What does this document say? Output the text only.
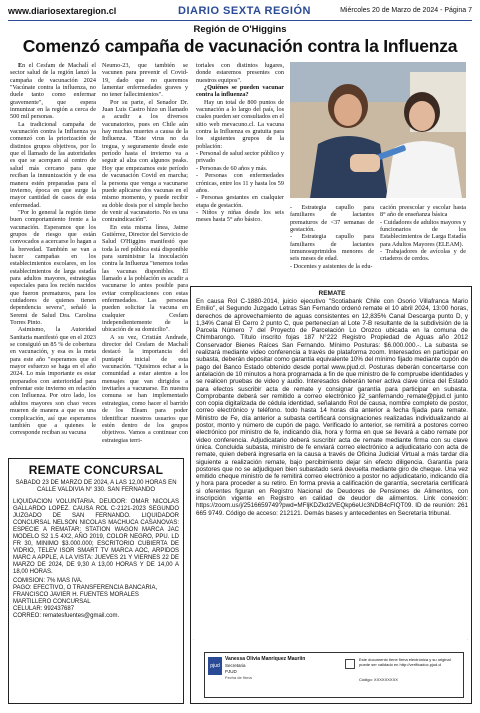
www.diariosextaregion.cl	DIARIO SEXTA REGIÓN	Miércoles 20 de Marzo de 2024 - Página 7
Región de O'Higgins
Comenzó campaña de vacunación contra la Influenza

En el Cesfam de Machalí el sector salud de la región lanzó la campaña de vacunación 2024 "Vacúnate contra la influenza, no duele tanto como enfermar gravemente", que espera inmunizar en la región a cerca de 500 mil personas.

La tradicional campaña de vacunación contra la Influenza ya comenzó con la priorización de distintos grupos objetivos, por lo que el llamado de las autoridades es que se acerquen al centro de salud más cercano para que reciban la inmunización y de esa manera estén preparadas para el invierno, época en que surge la mayor cantidad de casos de esta enfermedad.

"Por lo general la región tiene buen comportamiento frente a la vacunación. Esperamos que los grupos de riesgo que están convocados a acercarse lo hagan a la brevedad. También se van a hacer campañas en los establecimientos escolares, en los establecimientos de larga estadía para adultos mayores, estrategias especiales para los recién nacidos que fueron prematuros, para los cuidadores de quienes tienen dependencia severa", señaló la Seremi de Salud Dra. Carolina Torres Pinto.

Asimismo, la Autoridad Sanitaria manifestó que en el 2023 se consiguió un 85 % de cobertura en vacunación, y esa es la meta para este año "esperamos que el mayor esfuerzo se haga en el año 2024. Lo más importante es estar preparados con anterioridad para enfrentar este invierno en relación con Influenza. Por otro lado, los adultos mayores son chao veces mueren de manera a que es una complicación, así que esperamos también que a quienes le corresponde reciban su vacuna

Neumo-23, que también se vacunen para prevenir el Covid-19, dado que no queremos lamentar enfermedades graves y no tener fallecimientos".

Por su parte, el Senador Dr. Juan Luis Castro hizo un llamado a acudir a los diversos vacunatorios, pues en Chile aún hay muchas muertes a causa de la Influenza. "Este virus no da tregua, y seguramente desde este período hasta el invierno va a seguir al alza con algunos peaks. Hoy que empezamos este período de vacunación Covid en marcha; la persona que venga a vacunarse puede aplicarse dos vacunas en el mismo momento, y puede recibir su doble dosis por el simple hecho de venir al vacunatorio. No es una contraindicación".

En esta misma línea, Jaime Gutiérrez, Director del Servicio de Salud O'Higgins manifestó que toda la red pública está disponible para suministrar la inoculación contra la Influenza "tenemos todas las vacunas disponibles. El llamado a la población es acudir a vacunarse lo antes posible para evitar complicaciones con estas enfermedades. Las personas pueden solicitar la vacuna en cualquier Cesfam independientemente de la ubicación de su domicilio".

A su vez, Cristián Andrade, director del Cesfam de Machalí destacó la importancia del puntapié inicial de esta vacunación. "Quisimos echar a la comunidad a estar atentos a los mensajes que van dirigidos a invitarles a vacunarse. En nuestra comuna se han implementado estrategias, como hacer el barrido de los Eleam para poder identificar nuestros usuarios que estén dentro de los grupos objetivos. Vamos a continuar con estrategias terri-

toriales con distintos lugares, donde estaremos presentes con nuestros equipos".

¿Quiénes se pueden vacunar contra la influenza?

Hay un total de 800 puntos de vacunación a lo largo del país, los cuales pueden ser consultados en el sitio web mevacuno.cl. La vacuna contra la Influenza es gratuita para los siguientes grupos de la población:

- Personal de salud sector público y privado

- Personas de 60 años y más.

- Personas con enfermedades crónicas, entre los 11 y hasta los 59 años.

- Personas gestantes en cualquier etapa de gestación.

- Niños y niñas desde los seis meses hasta 5° año básico.

- Estrategia capullo para familiares de lactantes prematuros de <37 semanas de gestación.

- Estrategia capullo para familiares de lactantes inmunosuprimidos menores de seis meses de edad.

- Docentes y asistentes de la edu-

cación preescolar y escolar hasta 8° año de enseñanza básica

- Cuidadores de adultos mayores y funcionarios de los Establecimientos de Larga Estadía para Adultos Mayores (ELEAM).

- Trabajadores de avícolas y de criaderos de cerdos.

REMATE CONCURSAL
SABADO 23 DE MARZO DE 2024, A LAS 12,00 HORAS EN CALLE VALDIVIA N° 330. SAN FERNANDO
LIQUIDACION VOLUNTARIA. DEUDOR: OMAR NICOLAS GALLARDO LOPEZ. CAUSA ROL C-2121-2023 SEGUNDO JUZGADO DE SAN FERNANDO. LIQUIDADOR CONCURSAL NELSON NICOLAS MACHUCA CASANOVAS: ESPECIE A REMATAR: STATION WAGON MARCA JAC MODELO S2 1.5 4X2, AÑO 2019, COLOR NEGRO, PPU. LD FR 30, MINIMO $3.000.000; ESCRITORIO CUBIERTA DE VIDRIO, TELEV ISOR SMART TV MARCA AOC, ARPIDOS MARC A APPLE, A LA VISTA: JUEVES 21 Y VIERNES 22 DE MARZO DE 2024, DE 9,30 A 13,00 HORAS Y DE 14,00 A 18,00 HORAS.
COMISION: 7% MAS IVA.
PAGO: EFECTIVO, O TRANSFERENCIA BANCARIA,
FRANCISCO JAVIER H. FUENTES MORALES
MARTILLERO CONCURSAL
CELULAR: 992437687
CORREO: rematesfuentes@gmail.com.
REMATE
En causa Rol C-1880-2014, juicio ejecutivo "Scotiabank Chile con Osorio Villafranca Mario Emilio", el Segundo Juzgado Letras San Fernando ordenó remate el 10 abril 2024, 13:00 horas, derechos de aprovechamiento de aguas consistentes en 12,835% Canal Descarga punto D, y 1,34% Canal El Cerro 2 punto C, que pertenecían al Lote 7-B resultante de la subdivisión de la Parcela Número 7 del Proyecto de Parcelación Lo Orozco ubicada en la comuna de Chimbarongo. Título inscrito fojas 187 N°222 Registro Propiedad de Aguas año 2012 Conservador Bienes Raíces San Fernando. Mínimo Posturas: $6.000.000.-. La subasta se realizará mediante video conferencia a través de plataforma zoom. Interesados en participar en subasta, deberán depositar como garantía equivalente 10% del mínimo fijado mediante cupón de pago del Banco Estado obtenido desde portal www.pjud.cl. Posturas deberán concertarse con antelación de 10 minutos a hora programada a fin de que ministro de fe compruebe identidades y se realicen pruebas de video y audio. Interesados deberán tener activa clave única del Estado para efectos suscribir acta de remate y consignar garantía para participar en subasta. Comprobante deberá ser remitido a correo electrónico jl2_sanfernando_remate@pjud.cl junto con copia digitalizada de cédula identidad, señalando Rol de causa, nombre completo de postor, correo electrónico y teléfono. todo hasta 14 horas día anterior a fecha fijada para remate. Ministro de Fe, día anterior a subasta certificará consignaciones realizadas individualizando al postor, monto y número de cupón de pago. Verificado lo anterior, se remitirá a postores correo electrónico por ministro de fe, indicando día, hora y forma en que se llevará a cabo remate por video conferencia. Adjudicatario deberá suscribir acta de remate mediante firma con su clave única. Concluida subasta, ministro de fe enviará correo electrónico a adjudicatario con acta de remate, quien deberá ingresarla en la causa a través de Oficina Judicial Virtual a más tardar día siguiente a realización remate, bajo percibimiento dejar sin efecto diligencia. Garantía para postores que no se adjudiquen bien subastado será devuelta mediante giro de cheque. Una vez emitido cheque ministro de fe remitirá correo electrónico a postor no adjudicatario, indicando día y hora para proceder a su retiro. En forma previa a calificación de garantía, secretaria certificará si oferentes figuran en Registro Nacional de Deudores de Pensiones de Alimentos, con inscripción vigente en Registro en calidad de deudor de alimentos. Link conexión: https://zoom.us/j/2516659749?pwd=MFljKDZkd2VEQkp6eUc3NDB4cFIQT09. ID de reunión: 261 665 9749. Código de acceso: 212121. Demás bases y antecedentes en Secretaría tribunal.
·	·
pjud
Vanessa Olivia Manriquez Mauriin
Secretaria
PJUD
Fecha de firma
Este documento tiene firma electrónica y su original puede ser validado en http://verificadoc.pjud.cl
Código: XXXXXXXXX
